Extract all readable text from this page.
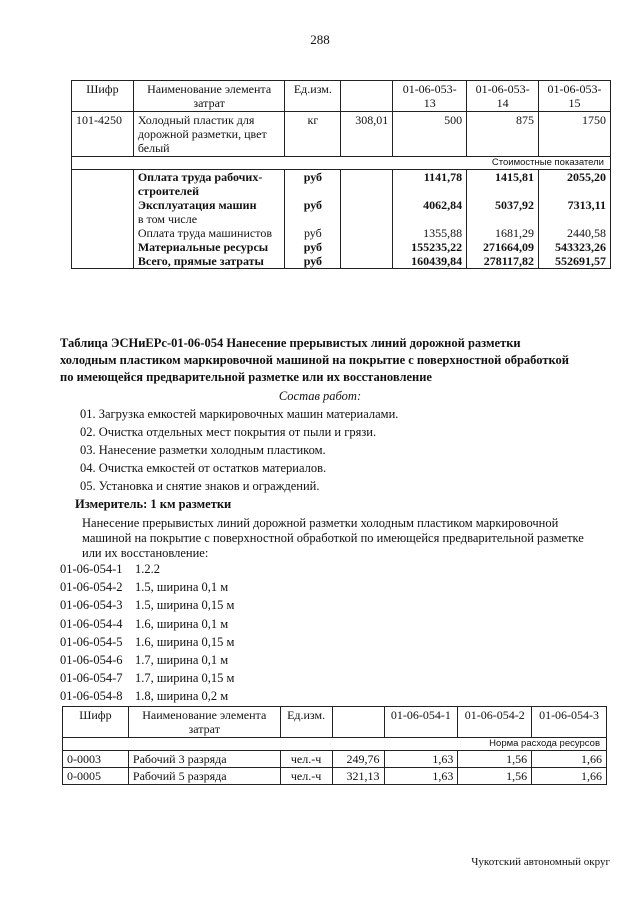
288
Шифр	Наименование элемента затрат	Ед.изм.		01-06-053-13	01-06-053-14	01-06-053-15
101-4250	Холодный пластик для дорожной разметки, цвет белый	кг	308,01	500	875	1750
Стоимостные показатели						
	Оплата труда рабочих-строителей	руб		1141,78	1415,81	2055,20
	Эксплуатация машин	руб		4062,84	5037,92	7313,11
	в том числе					
	Оплата труда машинистов	руб		1355,88	1681,29	2440,58
	Материальные ресурсы	руб		155235,22	271664,09	543323,26
	Всего, прямые затраты	руб		160439,84	278117,82	552691,57
Таблица ЭСНиЕРс-01-06-054 Нанесение прерывистых линий дорожной разметки
холодным пластиком маркировочной машиной на покрытие с поверхностной обработкой
по имеющейся предварительной разметке или их восстановление
Состав работ:
01. Загрузка емкостей маркировочных машин материалами.
02. Очистка отдельных мест покрытия от пыли и грязи.
03. Нанесение разметки холодным пластиком.
04. Очистка емкостей от остатков материалов.
05. Установка и снятие знаков и ограждений.
Измеритель: 1 км разметки
Нанесение прерывистых линий дорожной разметки холодным пластиком маркировочной
машиной на покрытие с поверхностной обработкой по имеющейся предварительной разметке
или их восстановление:
01-06-054-1 1.2.2
01-06-054-2 1.5, ширина 0,1 м
01-06-054-3 1.5, ширина 0,15 м
01-06-054-4 1.6, ширина 0,1 м
01-06-054-5 1.6, ширина 0,15 м
01-06-054-6 1.7, ширина 0,1 м
01-06-054-7 1.7, ширина 0,15 м
01-06-054-8 1.8, ширина 0,2 м
Шифр	Наименование элемента затрат	Ед.изм.		01-06-054-1	01-06-054-2	01-06-054-3
Норма расхода ресурсов						
0-0003	Рабочий 3 разряда	чел.-ч	249,76	1,63	1,56	1,66
0-0005	Рабочий 5 разряда	чел.-ч	321,13	1,63	1,56	1,66
Чукотский автономный округ
